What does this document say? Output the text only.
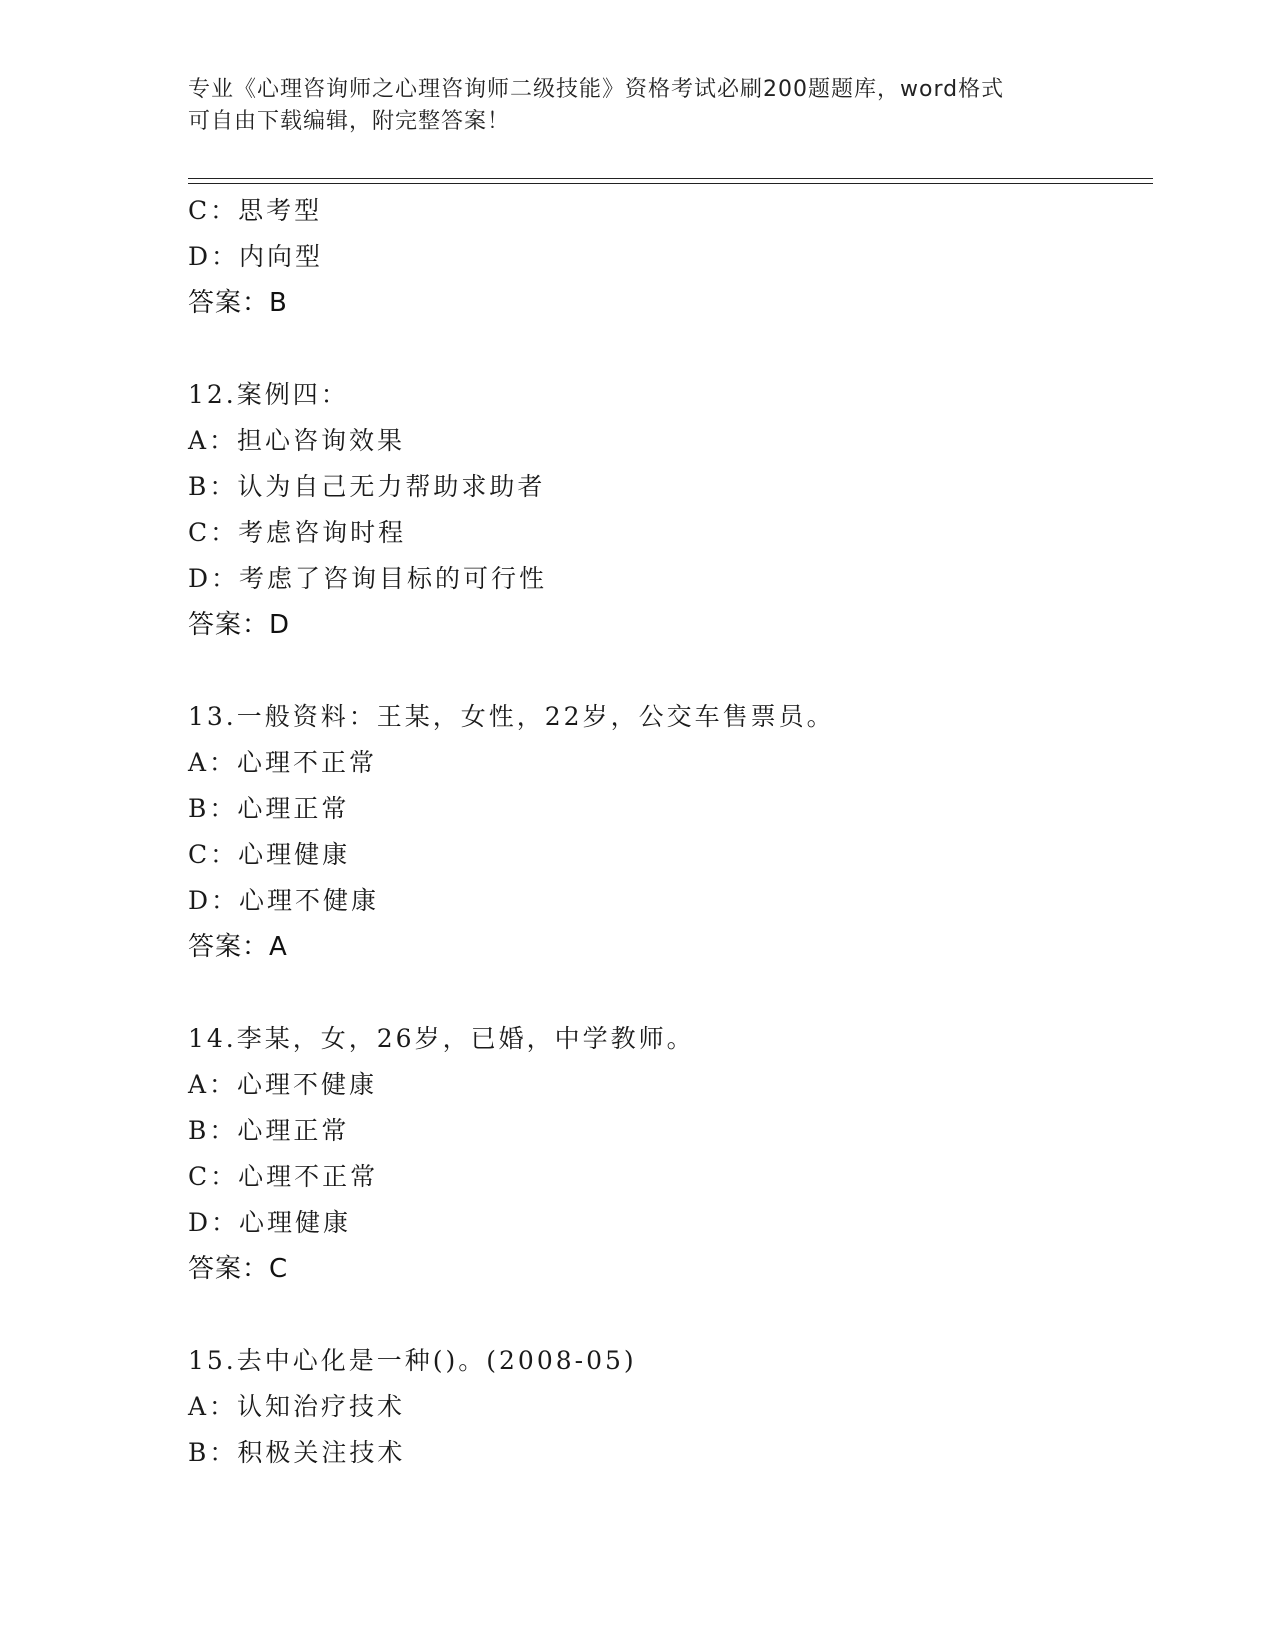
专业《心理咨询师之心理咨询师二级技能》资格考试必刷200题题库，word格式
可自由下载编辑，附完整答案！
C：思考型
D：内向型
答案：B
12.案例四：
A：担心咨询效果
B：认为自己无力帮助求助者
C：考虑咨询时程
D：考虑了咨询目标的可行性
答案：D
13.一般资料：王某，女性，22岁，公交车售票员。
A：心理不正常
B：心理正常
C：心理健康
D：心理不健康
答案：A
14.李某，女，26岁，已婚，中学教师。
A：心理不健康
B：心理正常
C：心理不正常
D：心理健康
答案：C
15.去中心化是一种()。(2008-05)
A：认知治疗技术
B：积极关注技术
